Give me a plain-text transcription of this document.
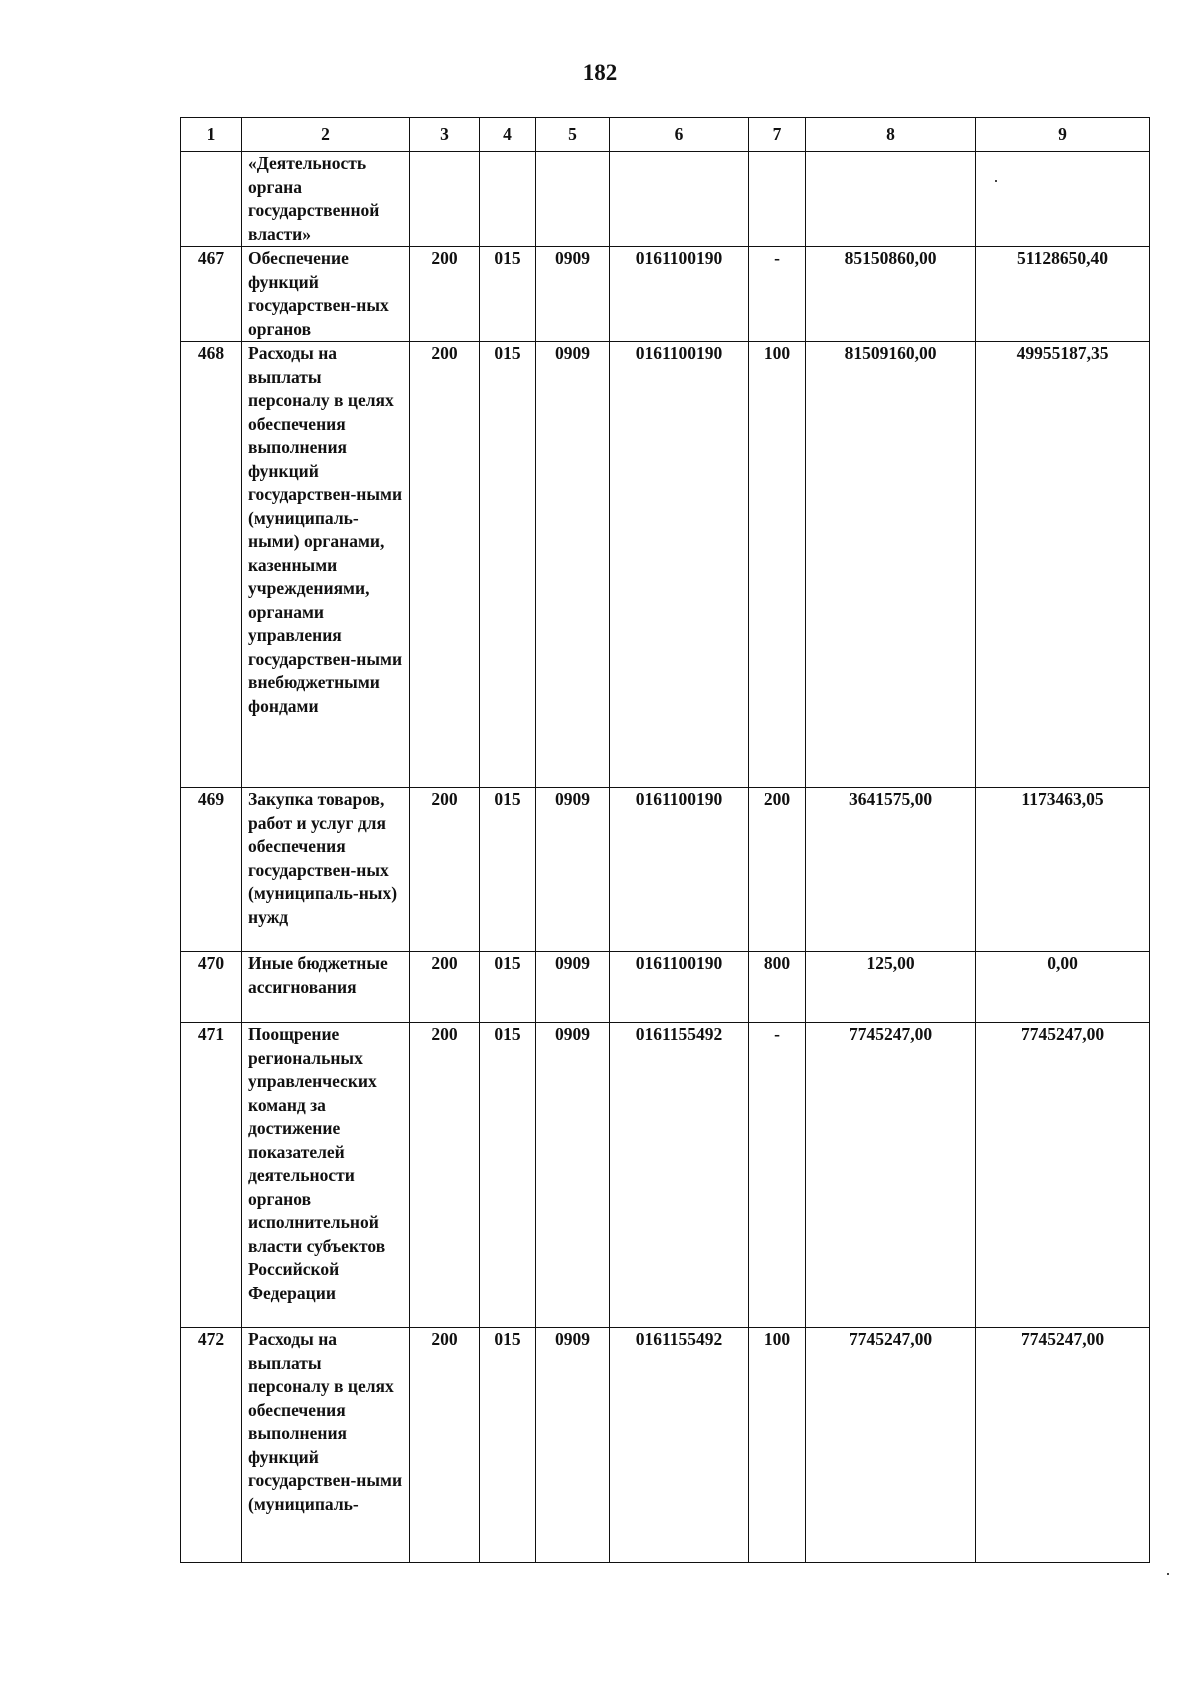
182
1	2	3	4	5	6	7	8	9
	«Деятельность органа государственной власти»							
467	Обеспечение функций государствен-ных органов	200	015	0909	0161100190	-	85150860,00	51128650,40
468	Расходы на выплаты персоналу в целях обеспечения выполнения функций государствен-ными (муниципаль-ными) органами, казенными учреждениями, органами управления государствен-ными внебюджетными фондами	200	015	0909	0161100190	100	81509160,00	49955187,35
469	Закупка товаров, работ и услуг для обеспечения государствен-ных (муниципаль-ных) нужд	200	015	0909	0161100190	200	3641575,00	1173463,05
470	Иные бюджетные ассигнования	200	015	0909	0161100190	800	125,00	0,00
471	Поощрение региональных управленческих команд за достижение показателей деятельности органов исполнительной власти субъектов Российской Федерации	200	015	0909	0161155492	-	7745247,00	7745247,00
472	Расходы на выплаты персоналу в целях обеспечения выполнения функций государствен-ными (муниципаль-	200	015	0909	0161155492	100	7745247,00	7745247,00
